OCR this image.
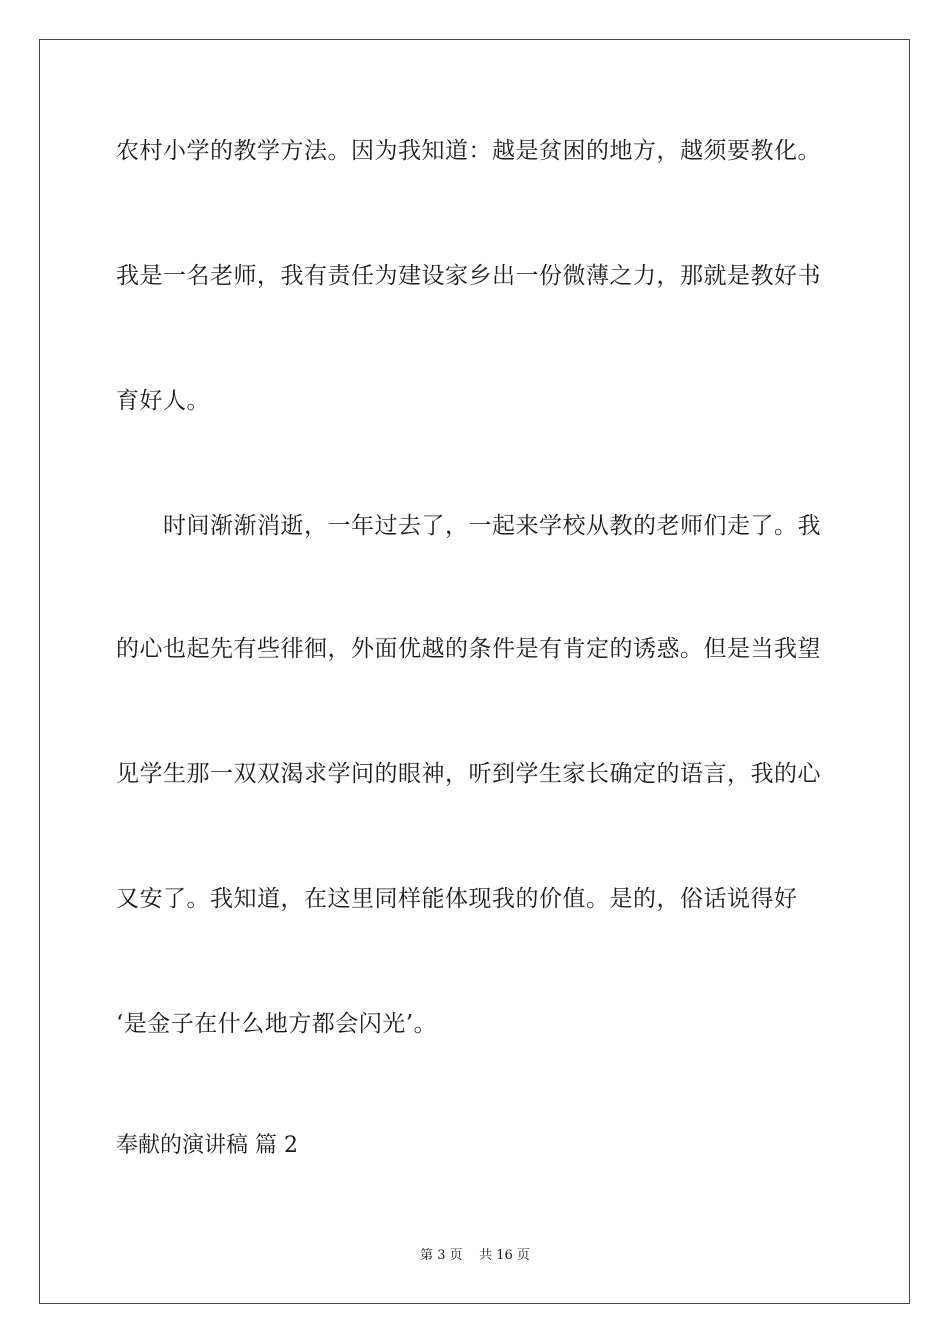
农村小学的教学方法。因为我知道：越是贫困的地方，越须要教化。
我是一名老师，我有责任为建设家乡出一份微薄之力，那就是教好书
育好人。
时间渐渐消逝，一年过去了，一起来学校从教的老师们走了。我
的心也起先有些徘徊，外面优越的条件是有肯定的诱惑。但是当我望
见学生那一双双渴求学问的眼神，听到学生家长确定的语言，我的心
又安了。我知道，在这里同样能体现我的价值。是的，俗话说得好
‘是金子在什么地方都会闪光’。
奉献的演讲稿 篇 2
第 3 页    共 16 页
